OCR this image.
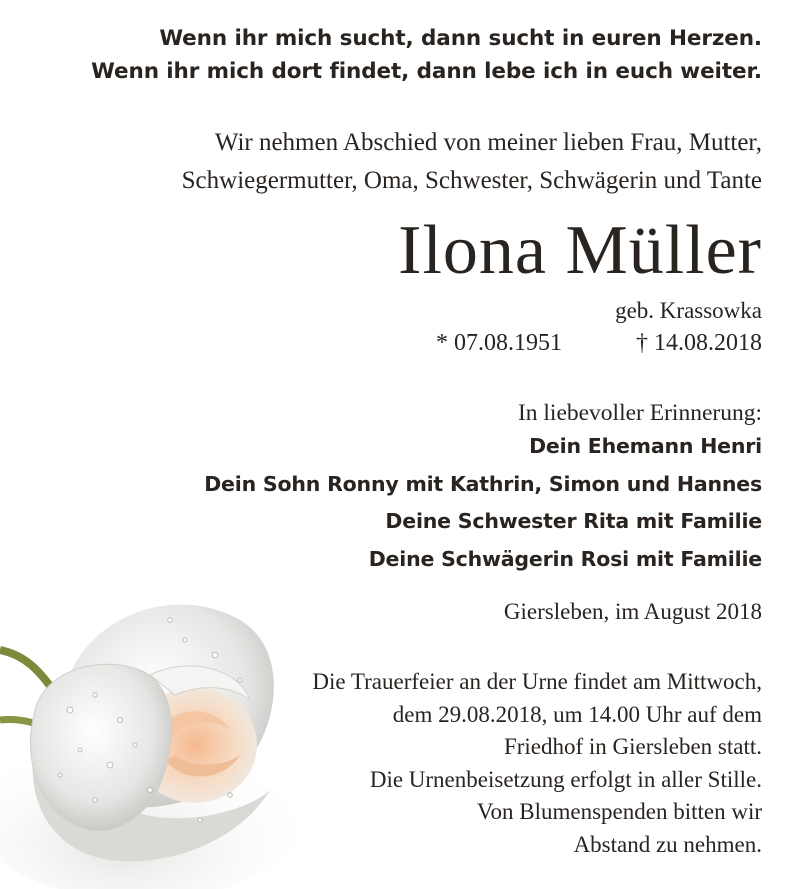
Wenn ihr mich sucht, dann sucht in euren Herzen.
Wenn ihr mich dort findet, dann lebe ich in euch weiter.
Wir nehmen Abschied von meiner lieben Frau, Mutter,
Schwiegermutter, Oma, Schwester, Schwägerin und Tante
Ilona Müller
geb. Krassowka
* 07.08.1951	† 14.08.2018
In liebevoller Erinnerung:
Dein Ehemann Henri
Dein Sohn Ronny mit Kathrin, Simon und Hannes
Deine Schwester Rita mit Familie
Deine Schwägerin Rosi mit Familie
Giersleben, im August 2018
Die Trauerfeier an der Urne findet am Mittwoch,
dem 29.08.2018, um 14.00 Uhr auf dem
Friedhof in Giersleben statt.
Die Urnenbeisetzung erfolgt in aller Stille.
Von Blumenspenden bitten wir
Abstand zu nehmen.
